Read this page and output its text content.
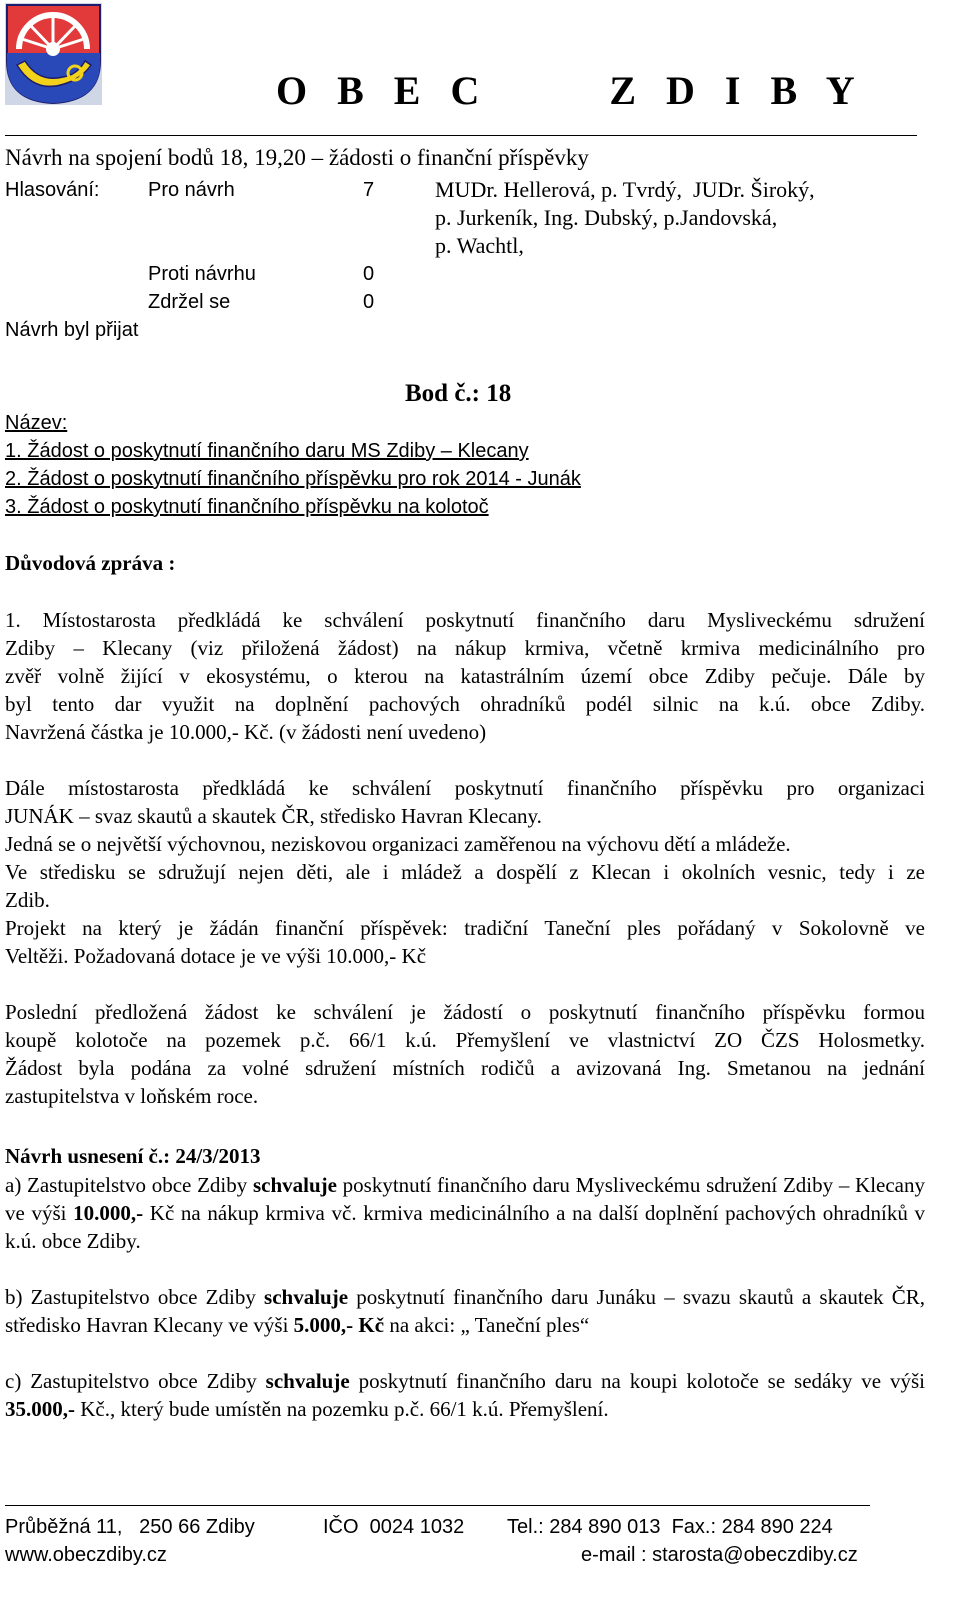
O B E C      Z D I B Y
Návrh na spojení bodů 18, 19,20 – žádosti o finanční příspěvky
Hlasování: Pro návrh	7	MUDr. Hellerová, p. Tvrdý,  JUDr. Široký,
p. Jurkeník, Ing. Dubský, p.Jandovská,
p. Wachtl,
Proti návrhu	0
Zdržel se	0
Návrh byl přijat
Bod č.: 18
Název:
1. Žádost o poskytnutí finančního daru MS Zdiby – Klecany
2. Žádost o poskytnutí finančního příspěvku pro rok 2014 - Junák
3. Žádost o poskytnutí finančního příspěvku na kolotoč
Důvodová zpráva :
1. Místostarosta předkládá ke schválení poskytnutí finančního daru Mysliveckému sdružení
Zdiby – Klecany (viz přiložená žádost) na nákup krmiva, včetně krmiva medicinálního pro
zvěř volně žijící v ekosystému, o kterou na katastrálním území obce Zdiby pečuje. Dále by
byl tento dar využit na doplnění pachových ohradníků podél silnic na k.ú. obce Zdiby.
Navržená částka je 10.000,- Kč. (v žádosti není uvedeno)
Dále místostarosta předkládá ke schválení poskytnutí finančního příspěvku pro organizaci
JUNÁK – svaz skautů a skautek ČR, středisko Havran Klecany.
Jedná se o největší výchovnou, neziskovou organizaci zaměřenou na výchovu dětí a mládeže.
Ve středisku se sdružují nejen děti, ale i mládež a dospělí z Klecan i okolních vesnic, tedy i ze
Zdib.
Projekt na který je žádán finanční příspěvek: tradiční Taneční ples pořádaný v Sokolovně ve
Veltěži. Požadovaná dotace je ve výši 10.000,- Kč
Poslední předložená žádost ke schválení je žádostí o poskytnutí finančního příspěvku formou
koupě kolotoče na pozemek p.č. 66/1 k.ú. Přemyšlení ve vlastnictví ZO ČZS Holosmetky.
Žádost byla podána za volné sdružení místních rodičů a avizovaná Ing. Smetanou na jednání
zastupitelstva v loňském roce.
Návrh usnesení č.: 24/3/2013
a) Zastupitelstvo obce Zdiby schvaluje poskytnutí finančního daru Mysliveckému sdružení Zdiby – Klecany ve výši 10.000,- Kč na nákup krmiva vč. krmiva medicinálního a na další doplnění pachových ohradníků v k.ú. obce Zdiby.
b) Zastupitelstvo obce Zdiby schvaluje poskytnutí finančního daru Junáku – svazu skautů a skautek ČR, středisko Havran Klecany ve výši 5.000,- Kč na akci: „ Taneční ples“
c) Zastupitelstvo obce Zdiby schvaluje poskytnutí finančního daru na koupi kolotoče se sedáky ve výši 35.000,- Kč., který bude umístěn na pozemku p.č. 66/1 k.ú. Přemyšlení.
Průběžná 11,   250 66 Zdiby	IČO  0024 1032 Tel.: 284 890 013  Fax.: 284 890 224
www.obeczdiby.cz	e-mail : starosta@obeczdiby.cz
